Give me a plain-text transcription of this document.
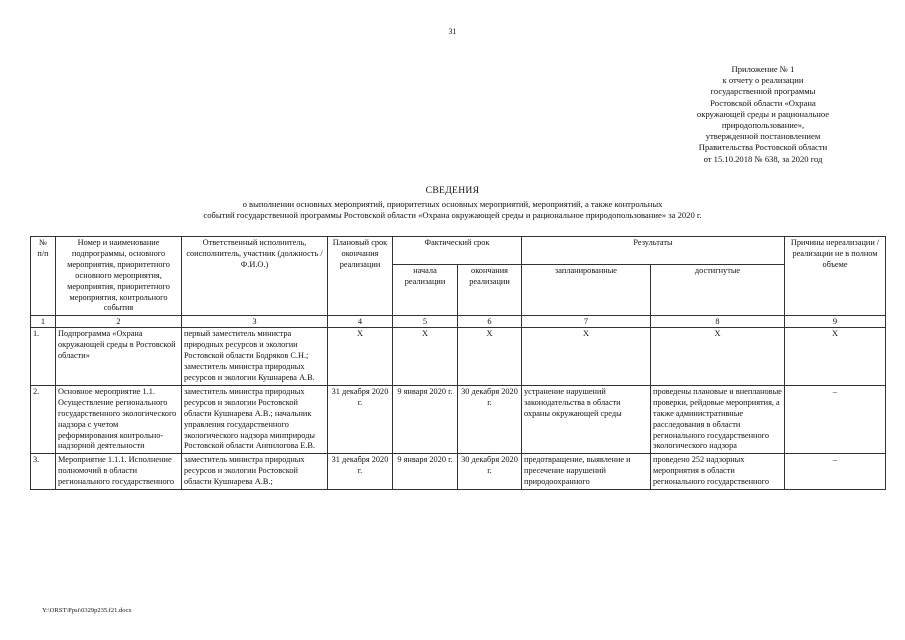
31
Приложение № 1
к отчету о реализации
государственной программы
Ростовской области «Охрана
окружающей среды и рациональное
природопользование»,
утвержденной постановлением
Правительства Ростовской области
от 15.10.2018 № 638, за 2020 год
СВЕДЕНИЯ
о выполнении основных мероприятий, приоритетных основных мероприятий, мероприятий, а также контрольных
событий государственной программы Ростовской области «Охрана окружающей среды и рациональное природопользование» за 2020 г.
№
п/п	Номер и наименование подпрограммы, основного мероприятия, приоритетного основного мероприятия, мероприятия, приоритетного мероприятия, контрольного события	Ответственный исполнитель, соисполнитель, участник (должность / Ф.И.О.)	Плановый срок окончания реализации	Фактический срок		Результаты		Причины нереализации / реализации не в полном объеме
				начала реализации	окончания реализации	запланированные	достигнутые	
1	2	3	4	5	6	7	8	9
1.	Подпрограмма «Охрана окружающей среды в Ростовской области»	первый заместитель министра природных ресурсов и экологии Ростовской области Бодряков С.Н.; заместитель министра природных ресурсов и экологии Кушнарева А.В.	X	X	X	X	X	X
2.	Основное мероприятие 1.1. Осуществление регионального государственного экологического надзора с учетом реформирования контрольно-надзорной деятельности	заместитель министра природных ресурсов и экологии Ростовской области Кушнарева А.В.; начальник управления государственного экологического надзора минприроды Ростовской области Анпилогова Е.В.	31 декабря 2020 г.	9 января 2020 г.	30 декабря 2020 г.	устранение нарушений законодательства в области охраны окружающей среды	проведены плановые и внеплановые проверки, рейдовые мероприятия, а также административные расследования в области регионального государственного экологического надзора	–
3.	Мероприятие 1.1.1. Исполнение полномочий в области регионального государственного	заместитель министра природных ресурсов и экологии Ростовской области Кушнарева А.В.;	31 декабря 2020 г.	9 января 2020 г.	30 декабря 2020 г.	предотвращение, выявление и пресечение нарушений природоохранного	проведено 252 надзорных мероприятия в области регионального государственного	–
Y:\ORST\Ppsi\0329p235.f21.docx
